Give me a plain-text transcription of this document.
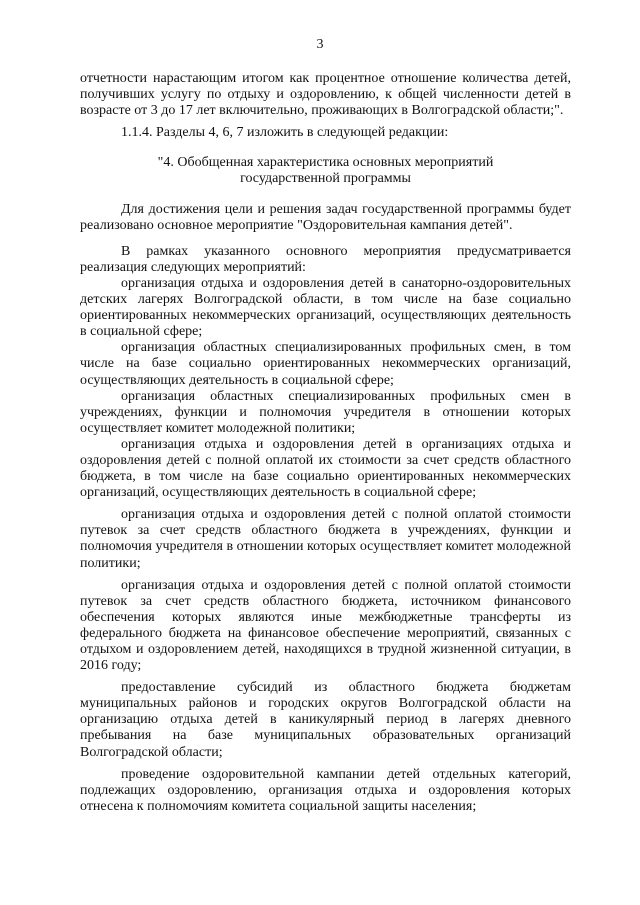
3

отчетности нарастающим итогом как процентное отношение количества детей, получивших услугу по отдыху и оздоровлению, к общей численности детей в возрасте от 3 до 17 лет включительно, проживающих в Волгоградской области;".

1.1.4. Разделы 4, 6, 7 изложить в следующей редакции:

"4. Обобщенная характеристика основных мероприятий

государственной программы

Для достижения цели и решения задач государственной программы будет реализовано основное мероприятие "Оздоровительная кампания детей".

В рамках указанного основного мероприятия предусматривается реализация следующих мероприятий:

организация отдыха и оздоровления детей в санаторно-оздоровительных детских лагерях Волгоградской области, в том числе на базе социально ориентированных некоммерческих организаций, осуществляющих деятельность в социальной сфере;

организация областных специализированных профильных смен, в том числе на базе социально ориентированных некоммерческих организаций, осуществляющих деятельность в социальной сфере;

организация областных специализированных профильных смен в учреждениях, функции и полномочия учредителя в отношении которых осуществляет комитет молодежной политики;

организация отдыха и оздоровления детей в организациях отдыха и оздоровления детей с полной оплатой их стоимости за счет средств областного бюджета, в том числе на базе социально ориентированных некоммерческих организаций, осуществляющих деятельность в социальной сфере;

организация отдыха и оздоровления детей с полной оплатой стоимости путевок за счет средств областного бюджета в учреждениях, функции и полномочия учредителя в отношении которых осуществляет комитет молодежной политики;

организация отдыха и оздоровления детей с полной оплатой стоимости путевок за счет средств областного бюджета, источником финансового обеспечения которых являются иные межбюджетные трансферты из федерального бюджета на финансовое обеспечение мероприятий, связанных с отдыхом и оздоровлением детей, находящихся в трудной жизненной ситуации, в 2016 году;

предоставление субсидий из областного бюджета бюджетам муниципальных районов и городских округов Волгоградской области на организацию отдыха детей в каникулярный период в лагерях дневного пребывания на базе муниципальных образовательных организаций Волгоградской области;

проведение оздоровительной кампании детей отдельных категорий, подлежащих оздоровлению, организация отдыха и оздоровления которых отнесена к полномочиям комитета социальной защиты населения;
